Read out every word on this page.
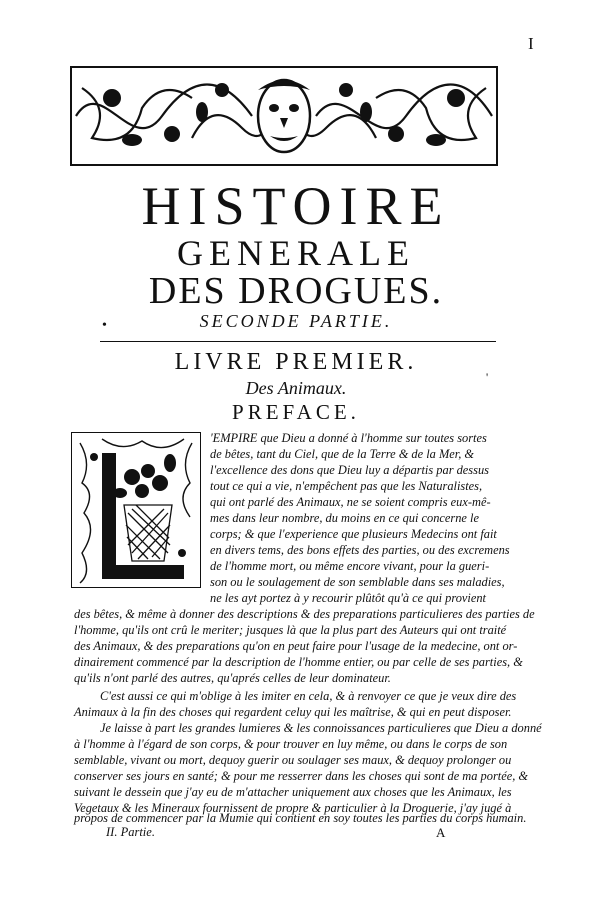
I
HISTOIRE
GENERALE
DES DROGUES.
•	SECONDE PARTIE.
LIVRE PREMIER.
'
Des Animaux.
PREFACE.
'EMPIRE que Dieu a donné à l'homme sur toutes sortes
de bêtes, tant du Ciel, que de la Terre & de la Mer, &
l'excellence des dons que Dieu luy a départis par dessus
tout ce qui a vie, n'empêchent pas que les Naturalistes,
qui ont parlé des Animaux, ne se soient compris eux-mê-
mes dans leur nombre, du moins en ce qui concerne le
corps; & que l'experience que plusieurs Medecins ont fait
en divers tems, des bons effets des parties, ou des excremens
de l'homme mort, ou même encore vivant, pour la gueri-
son ou le soulagement de son semblable dans ses maladies,
ne les ayt portez à y recourir plûtôt qu'à ce qui provient
des bêtes, & même à donner des descriptions & des preparations particulieres des parties de
l'homme, qu'ils ont crû le meriter; jusques là que la plus part des Auteurs qui ont traité
des Animaux, & des preparations qu'on en peut faire pour l'usage de la medecine, ont or-
dinairement commencé par la description de l'homme entier, ou par celle de ses parties, &
qu'ils n'ont parlé des autres, qu'aprés celles de leur dominateur.
C'est aussi ce qui m'oblige à les imiter en cela, & à renvoyer ce que je veux dire des
Animaux à la fin des choses qui regardent celuy qui les maîtrise, & qui en peut disposer.
Je laisse à part les grandes lumieres & les connoissances particulieres que Dieu a donné
à l'homme à l'égard de son corps, & pour trouver en luy même, ou dans le corps de son
semblable, vivant ou mort, dequoy guerir ou soulager ses maux, & dequoy prolonger ou
conserver ses jours en santé; & pour me resserrer dans les choses qui sont de ma portée, &
suivant le dessein que j'ay eu de m'attacher uniquement aux choses que les Animaux, les
Vegetaux & les Mineraux fournissent de propre & particulier à la Droguerie, j'ay jugé à
propos de commencer par la Mumie qui contient en soy toutes les parties du corps humain.
II. Partie.	A
